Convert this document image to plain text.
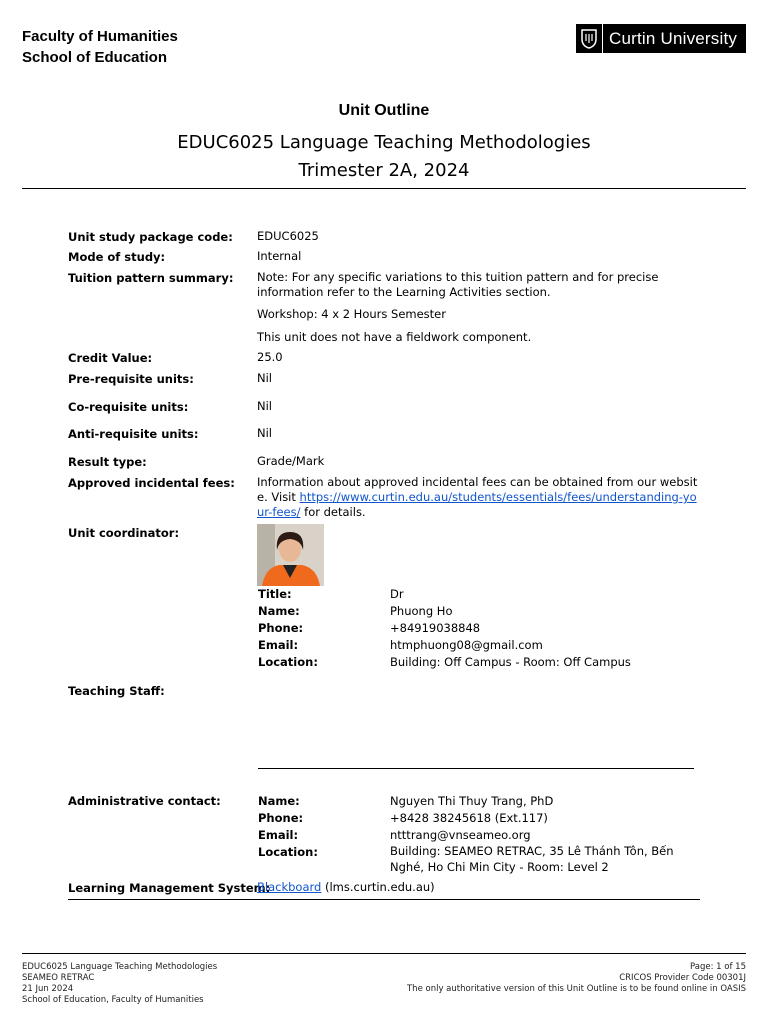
Faculty of Humanities
School of Education
Curtin University
Unit Outline
EDUC6025 Language Teaching Methodologies
Trimester 2A, 2024
Unit study package code: EDUC6025
Mode of study:	Internal
Tuition pattern summary: Note: For any specific variations to this tuition pattern and for precise information refer to the Learning Activities section.
Workshop: 4 x 2 Hours Semester
This unit does not have a fieldwork component.
Credit Value:	25.0
Pre-requisite units:	Nil
Co-requisite units:	Nil
Anti-requisite units:	Nil
Result type:	Grade/Mark
Approved incidental fees: Information about approved incidental fees can be obtained from our website. Visit https://www.curtin.edu.au/students/essentials/fees/understanding-your-fees/ for details.
Unit coordinator:
Title:	Dr
Name:	Phuong Ho
Phone:	+84919038848
Email:	htmphuong08@gmail.com
Location:	Building: Off Campus - Room: Off Campus
Teaching Staff:
Administrative contact:	Name:	Nguyen Thi Thuy Trang, PhD
Phone:	+8428 38245618 (Ext.117)
Email:	ntttrang@vnseameo.org
Location:	Building: SEAMEO RETRAC, 35 Lê Thánh Tôn, Bến Nghé, Ho Chi Min City - Room: Level 2
Learning Management System:
Blackboard (lms.curtin.edu.au)
EDUC6025 Language Teaching Methodologies
SEAMEO RETRAC
21 Jun 2024
School of Education, Faculty of Humanities
Page: 1 of 15
CRICOS Provider Code 00301J
The only authoritative version of this Unit Outline is to be found online in OASIS
